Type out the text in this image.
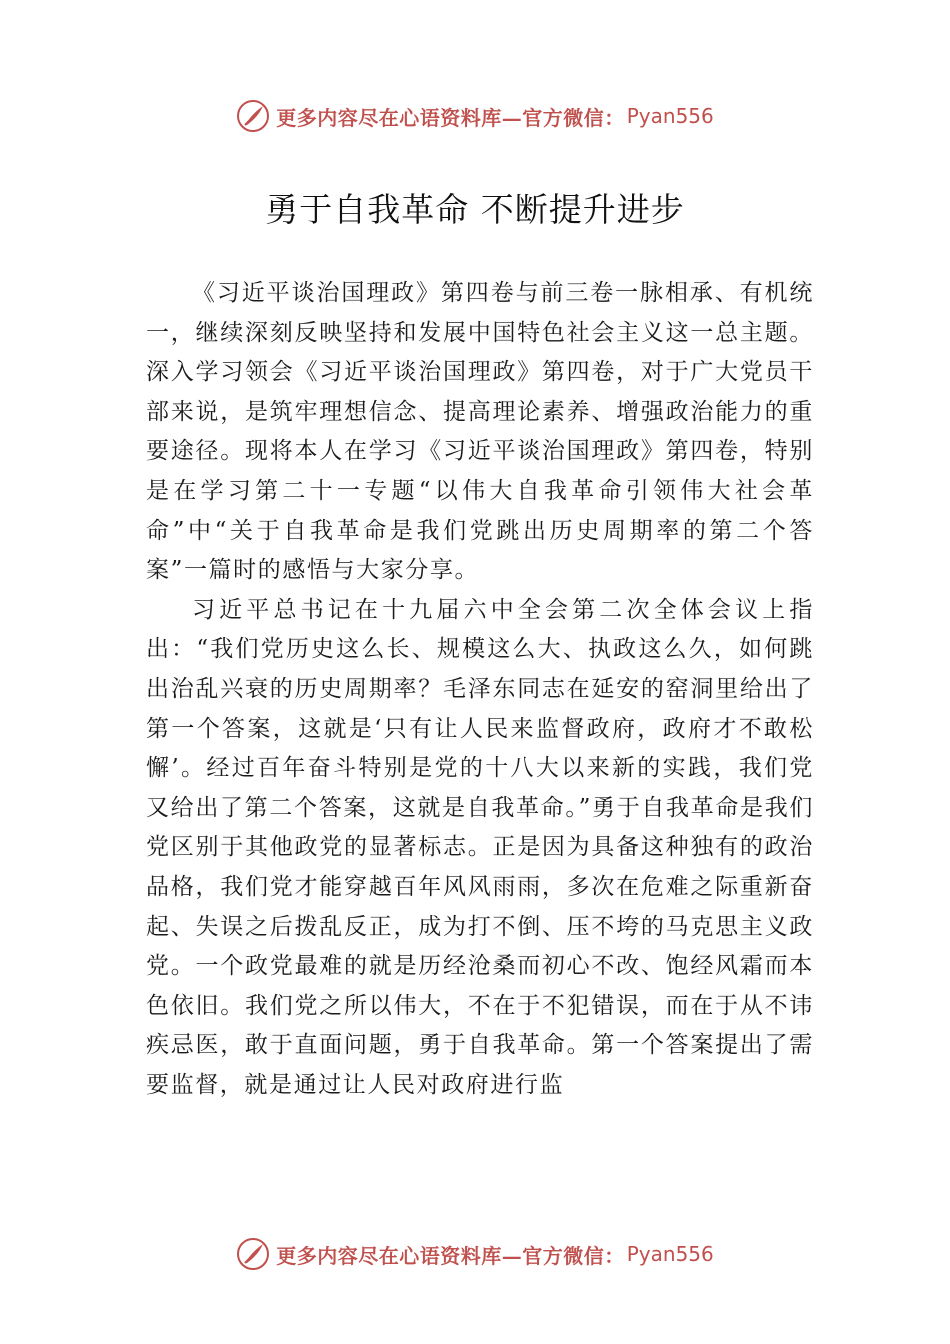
更多内容尽在心语资料库—官方微信： Pyan556
勇于自我革命 不断提升进步

《习近平谈治国理政》第四卷与前三卷一脉相承、有机统一，继续深刻反映坚持和发展中国特色社会主义这一总主题。深入学习领会《习近平谈治国理政》第四卷，对于广大党员干部来说，是筑牢理想信念、提高理论素养、增强政治能力的重要途径。现将本人在学习《习近平谈治国理政》第四卷，特别是在学习第二十一专题“以伟大自我革命引领伟大社会革命”中“关于自我革命是我们党跳出历史周期率的第二个答案”一篇时的感悟与大家分享。

习近平总书记在十九届六中全会第二次全体会议上指出：“我们党历史这么长、规模这么大、执政这么久，如何跳出治乱兴衰的历史周期率？毛泽东同志在延安的窑洞里给出了第一个答案，这就是‘只有让人民来监督政府，政府才不敢松懈’。经过百年奋斗特别是党的十八大以来新的实践，我们党又给出了第二个答案，这就是自我革命。”勇于自我革命是我们党区别于其他政党的显著标志。正是因为具备这种独有的政治品格，我们党才能穿越百年风风雨雨，多次在危难之际重新奋起、失误之后拨乱反正，成为打不倒、压不垮的马克思主义政党。一个政党最难的就是历经沧桑而初心不改、饱经风霜而本色依旧。我们党之所以伟大，不在于不犯错误，而在于从不讳疾忌医，敢于直面问题，勇于自我革命。第一个答案提出了需要监督，就是通过让人民对政府进行监

更多内容尽在心语资料库—官方微信： Pyan556
